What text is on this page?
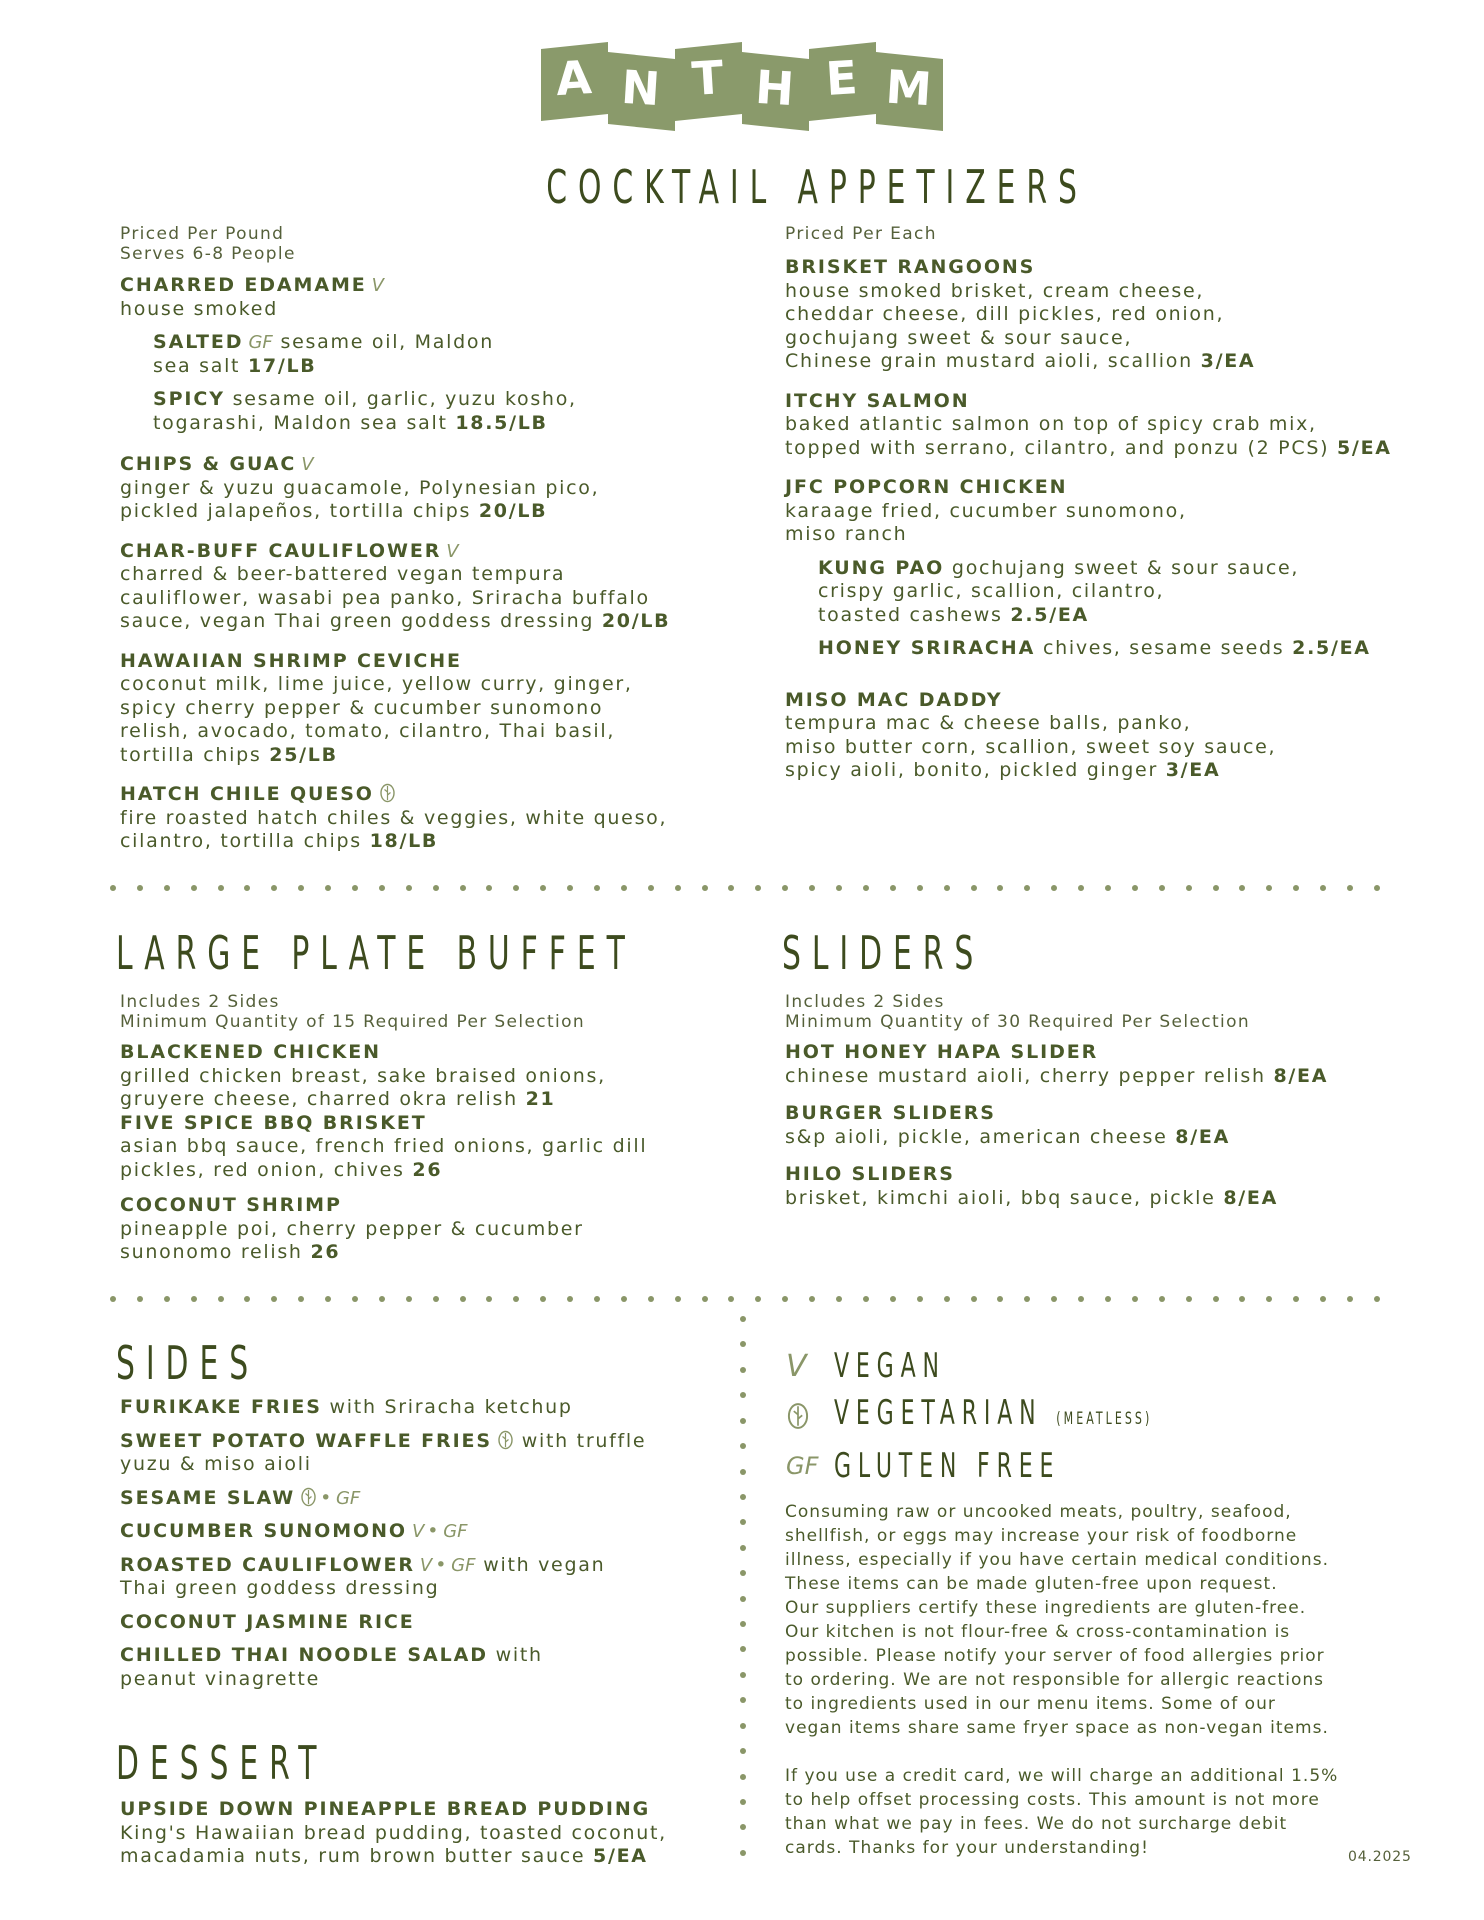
A N T H E M
COCKTAIL APPETIZERS
Priced Per Pound
Serves 6-8 People
CHARRED EDAMAME V
house smoked
SALTED GF sesame oil, Maldon
sea salt 17/LB
SPICY sesame oil, garlic, yuzu kosho,
togarashi, Maldon sea salt 18.5/LB
CHIPS & GUAC V
ginger & yuzu guacamole, Polynesian pico,
pickled jalapeños, tortilla chips 20/LB
CHAR-BUFF CAULIFLOWER V
charred & beer-battered vegan tempura
cauliflower, wasabi pea panko, Sriracha buffalo
sauce, vegan Thai green goddess dressing 20/LB
HAWAIIAN SHRIMP CEVICHE
coconut milk, lime juice, yellow curry, ginger,
spicy cherry pepper & cucumber sunomono
relish, avocado, tomato, cilantro, Thai basil,
tortilla chips 25/LB
HATCH CHILE QUESO
fire roasted hatch chiles & veggies, white queso,
cilantro, tortilla chips 18/LB
Priced Per Each
BRISKET RANGOONS
house smoked brisket, cream cheese,
cheddar cheese, dill pickles, red onion,
gochujang sweet & sour sauce,
Chinese grain mustard aioli, scallion 3/EA
ITCHY SALMON
baked atlantic salmon on top of spicy crab mix,
topped with serrano, cilantro, and ponzu (2 PCS) 5/EA
JFC POPCORN CHICKEN
karaage fried, cucumber sunomono,
miso ranch
KUNG PAO gochujang sweet & sour sauce,
crispy garlic, scallion, cilantro,
toasted cashews 2.5/EA
HONEY SRIRACHA chives, sesame seeds 2.5/EA
MISO MAC DADDY
tempura mac & cheese balls, panko,
miso butter corn, scallion, sweet soy sauce,
spicy aioli, bonito, pickled ginger 3/EA
LARGE PLATE BUFFET
Includes 2 Sides
Minimum Quantity of 15 Required Per Selection
BLACKENED CHICKEN
grilled chicken breast, sake braised onions,
gruyere cheese, charred okra relish 21
FIVE SPICE BBQ BRISKET
asian bbq sauce, french fried onions, garlic dill
pickles, red onion, chives 26
COCONUT SHRIMP
pineapple poi, cherry pepper & cucumber
sunonomo relish 26
SLIDERS
Includes 2 Sides
Minimum Quantity of 30 Required Per Selection
HOT HONEY HAPA SLIDER
chinese mustard aioli, cherry pepper relish 8/EA
BURGER SLIDERS
s&p aioli, pickle, american cheese 8/EA
HILO SLIDERS
brisket, kimchi aioli, bbq sauce, pickle 8/EA
SIDES
FURIKAKE FRIES with Sriracha ketchup
SWEET POTATO WAFFLE FRIES with truffle
yuzu & miso aioli
SESAME SLAW • GF
CUCUMBER SUNOMONO V • GF
ROASTED CAULIFLOWER V • GF with vegan
Thai green goddess dressing
COCONUT JASMINE RICE
CHILLED THAI NOODLE SALAD with
peanut vinagrette
DESSERT
UPSIDE DOWN PINEAPPLE BREAD PUDDING
King's Hawaiian bread pudding, toasted coconut,
macadamia nuts, rum brown butter sauce 5/EA
V VEGAN
VEGETARIAN (MEATLESS)
GF GLUTEN FREE
Consuming raw or uncooked meats, poultry, seafood,
shellfish, or eggs may increase your risk of foodborne
illness, especially if you have certain medical conditions.
These items can be made gluten-free upon request.
Our suppliers certify these ingredients are gluten-free.
Our kitchen is not flour-free & cross-contamination is
possible. Please notify your server of food allergies prior
to ordering. We are not responsible for allergic reactions
to ingredients used in our menu items. Some of our
vegan items share same fryer space as non-vegan items.
If you use a credit card, we will charge an additional 1.5%
to help offset processing costs. This amount is not more
than what we pay in fees. We do not surcharge debit
cards. Thanks for your understanding!	04.2025
